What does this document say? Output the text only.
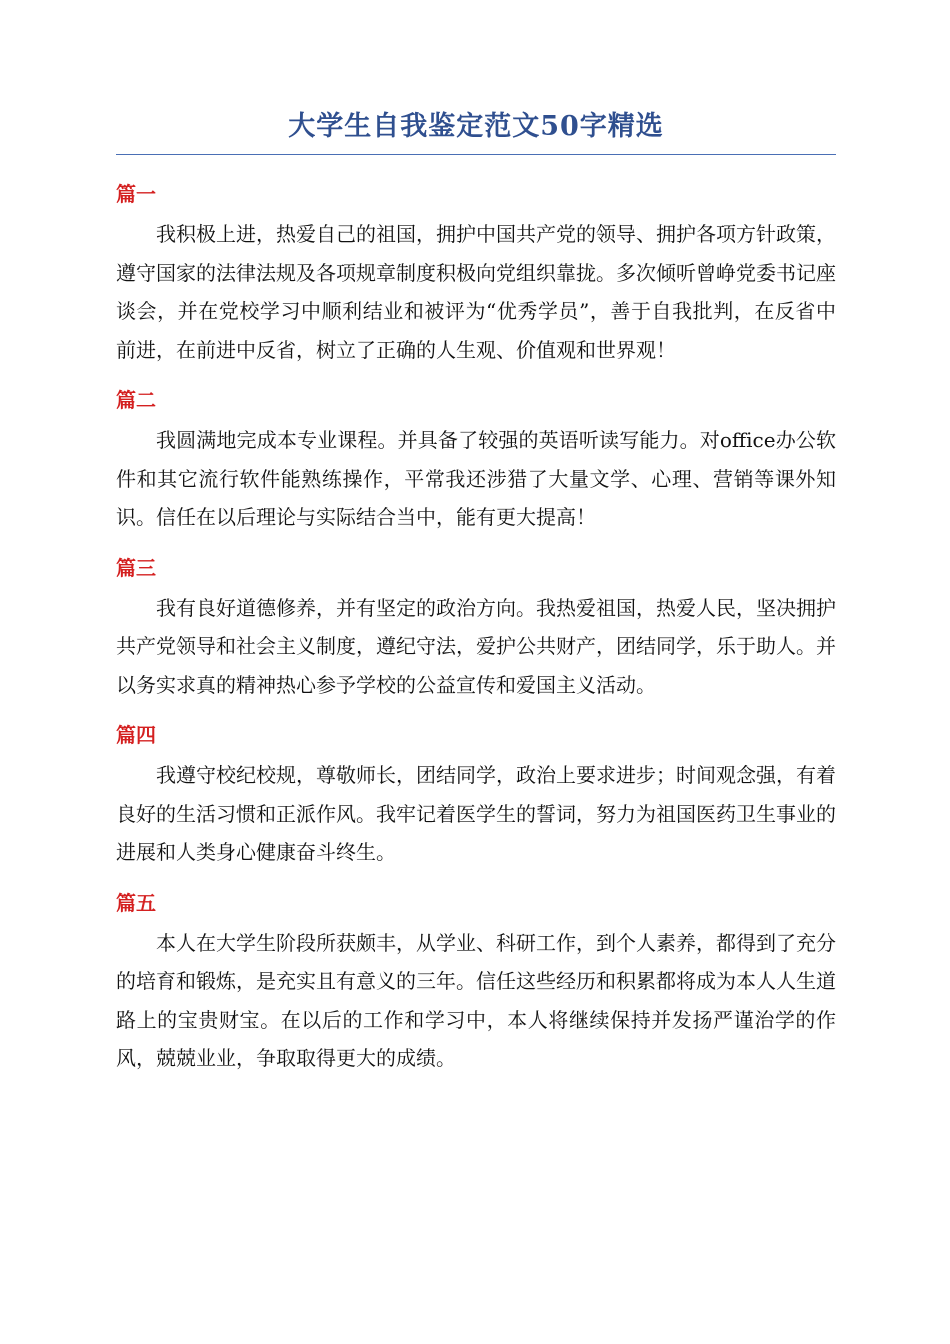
大学生自我鉴定范文50字精选
篇一

我积极上进，热爱自己的祖国，拥护中国共产党的领导、拥护各项方针政策，遵守国家的法律法规及各项规章制度积极向党组织靠拢。多次倾听曾峥党委书记座谈会，并在党校学习中顺利结业和被评为“优秀学员”，善于自我批判，在反省中前进，在前进中反省，树立了正确的人生观、价值观和世界观！

篇二

我圆满地完成本专业课程。并具备了较强的英语听读写能力。对office办公软件和其它流行软件能熟练操作，平常我还涉猎了大量文学、心理、营销等课外知识。信任在以后理论与实际结合当中，能有更大提高！

篇三

我有良好道德修养，并有坚定的政治方向。我热爱祖国，热爱人民，坚决拥护共产党领导和社会主义制度，遵纪守法，爱护公共财产，团结同学，乐于助人。并以务实求真的精神热心参予学校的公益宣传和爱国主义活动。

篇四

我遵守校纪校规，尊敬师长，团结同学，政治上要求进步；时间观念强，有着良好的生活习惯和正派作风。我牢记着医学生的誓词，努力为祖国医药卫生事业的进展和人类身心健康奋斗终生。

篇五

本人在大学生阶段所获颇丰，从学业、科研工作，到个人素养，都得到了充分的培育和锻炼，是充实且有意义的三年。信任这些经历和积累都将成为本人人生道路上的宝贵财宝。在以后的工作和学习中，本人将继续保持并发扬严谨治学的作风，兢兢业业，争取取得更大的成绩。
